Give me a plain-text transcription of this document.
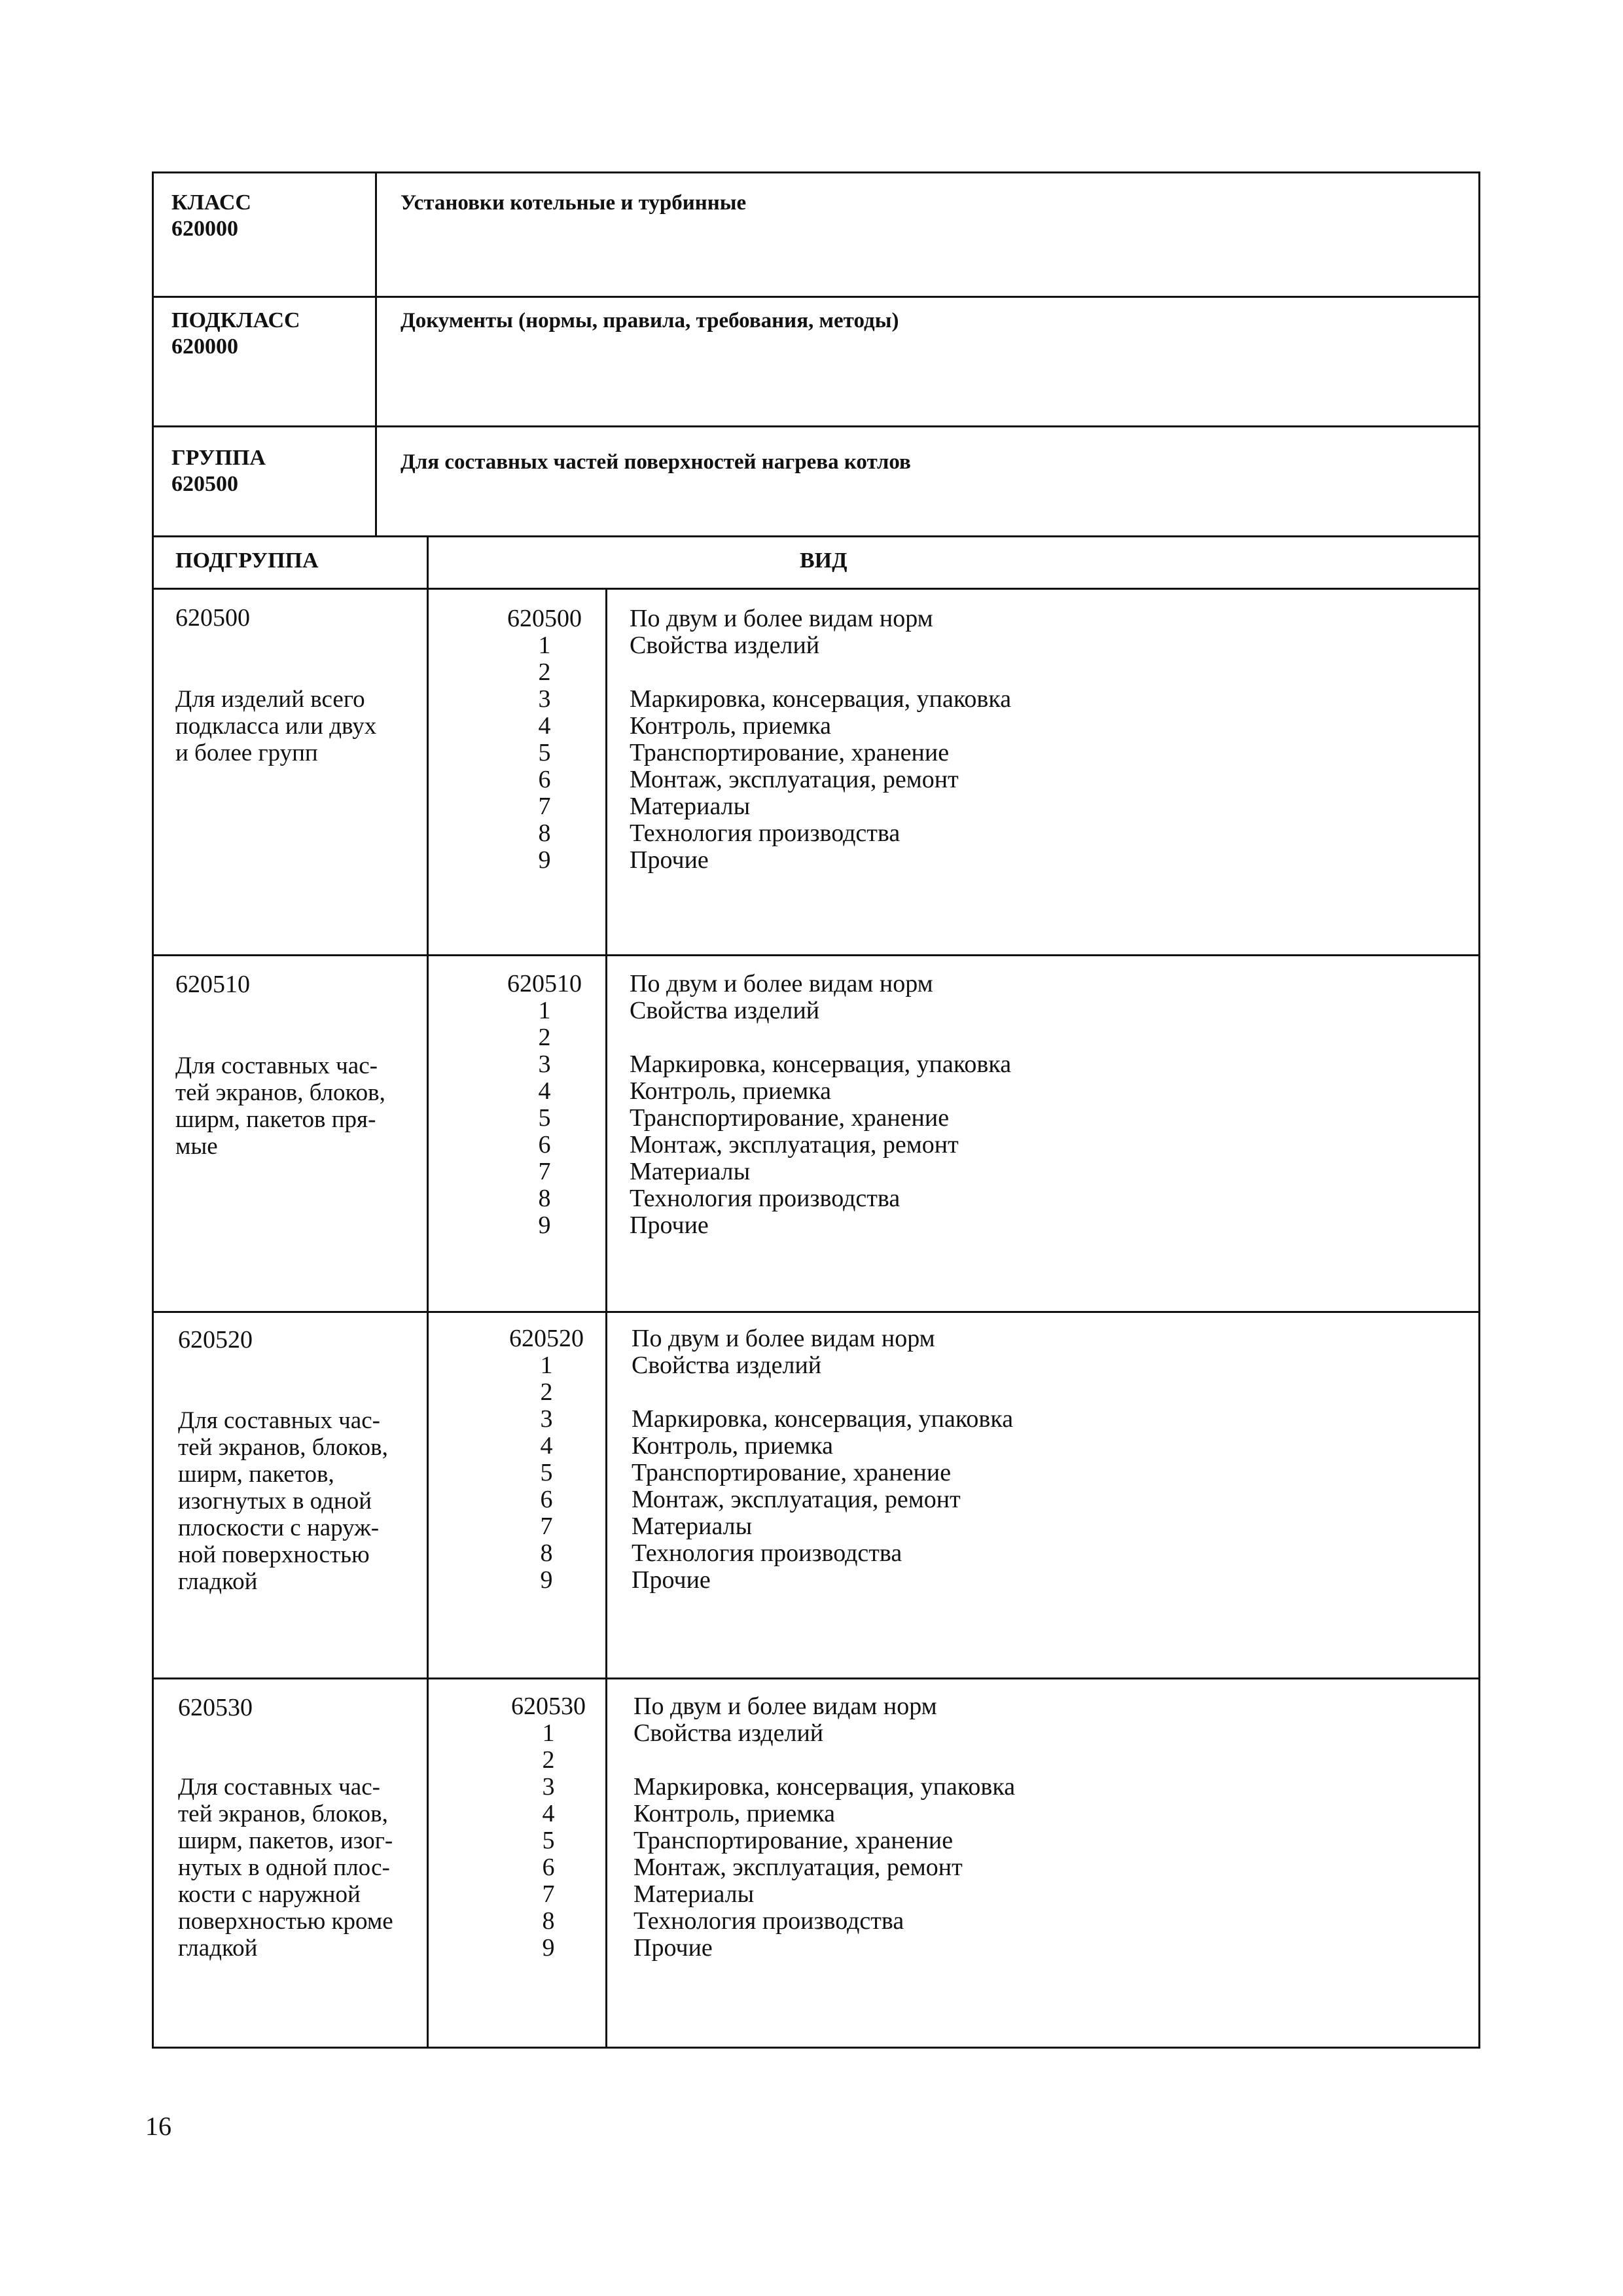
КЛАСС
620000
Установки котельные и турбинные
ПОДКЛАСС
620000
Документы (нормы, правила, требования, методы)
ГРУППА
620500
Для составных частей поверхностей нагрева котлов
ПОДГРУППА	ВИД
620500
Для изделий всего
подкласса или двух
и более групп
620500
1
2
3
4
5
6
7
8
9
По двум и более видам норм
Свойства изделий
Маркировка, консервация, упаковка
Контроль, приемка
Транспортирование, хранение
Монтаж, эксплуатация, ремонт
Материалы
Технология производства
Прочие
620510
Для составных час-
тей экранов, блоков,
ширм, пакетов пря-
мые
620510
1
2
3
4
5
6
7
8
9
По двум и более видам норм
Свойства изделий
Маркировка, консервация, упаковка
Контроль, приемка
Транспортирование, хранение
Монтаж, эксплуатация, ремонт
Материалы
Технология производства
Прочие
620520
Для составных час-
тей экранов, блоков,
ширм, пакетов,
изогнутых в одной
плоскости с наруж-
ной поверхностью
гладкой
620520
1
2
3
4
5
6
7
8
9
По двум и более видам норм
Свойства изделий
Маркировка, консервация, упаковка
Контроль, приемка
Транспортирование, хранение
Монтаж, эксплуатация, ремонт
Материалы
Технология производства
Прочие
620530
Для составных час-
тей экранов, блоков,
ширм, пакетов, изог-
нутых в одной плос-
кости с наружной
поверхностью кроме
гладкой
620530
1
2
3
4
5
6
7
8
9
По двум и более видам норм
Свойства изделий
Маркировка, консервация, упаковка
Контроль, приемка
Транспортирование, хранение
Монтаж, эксплуатация, ремонт
Материалы
Технология производства
Прочие
16
